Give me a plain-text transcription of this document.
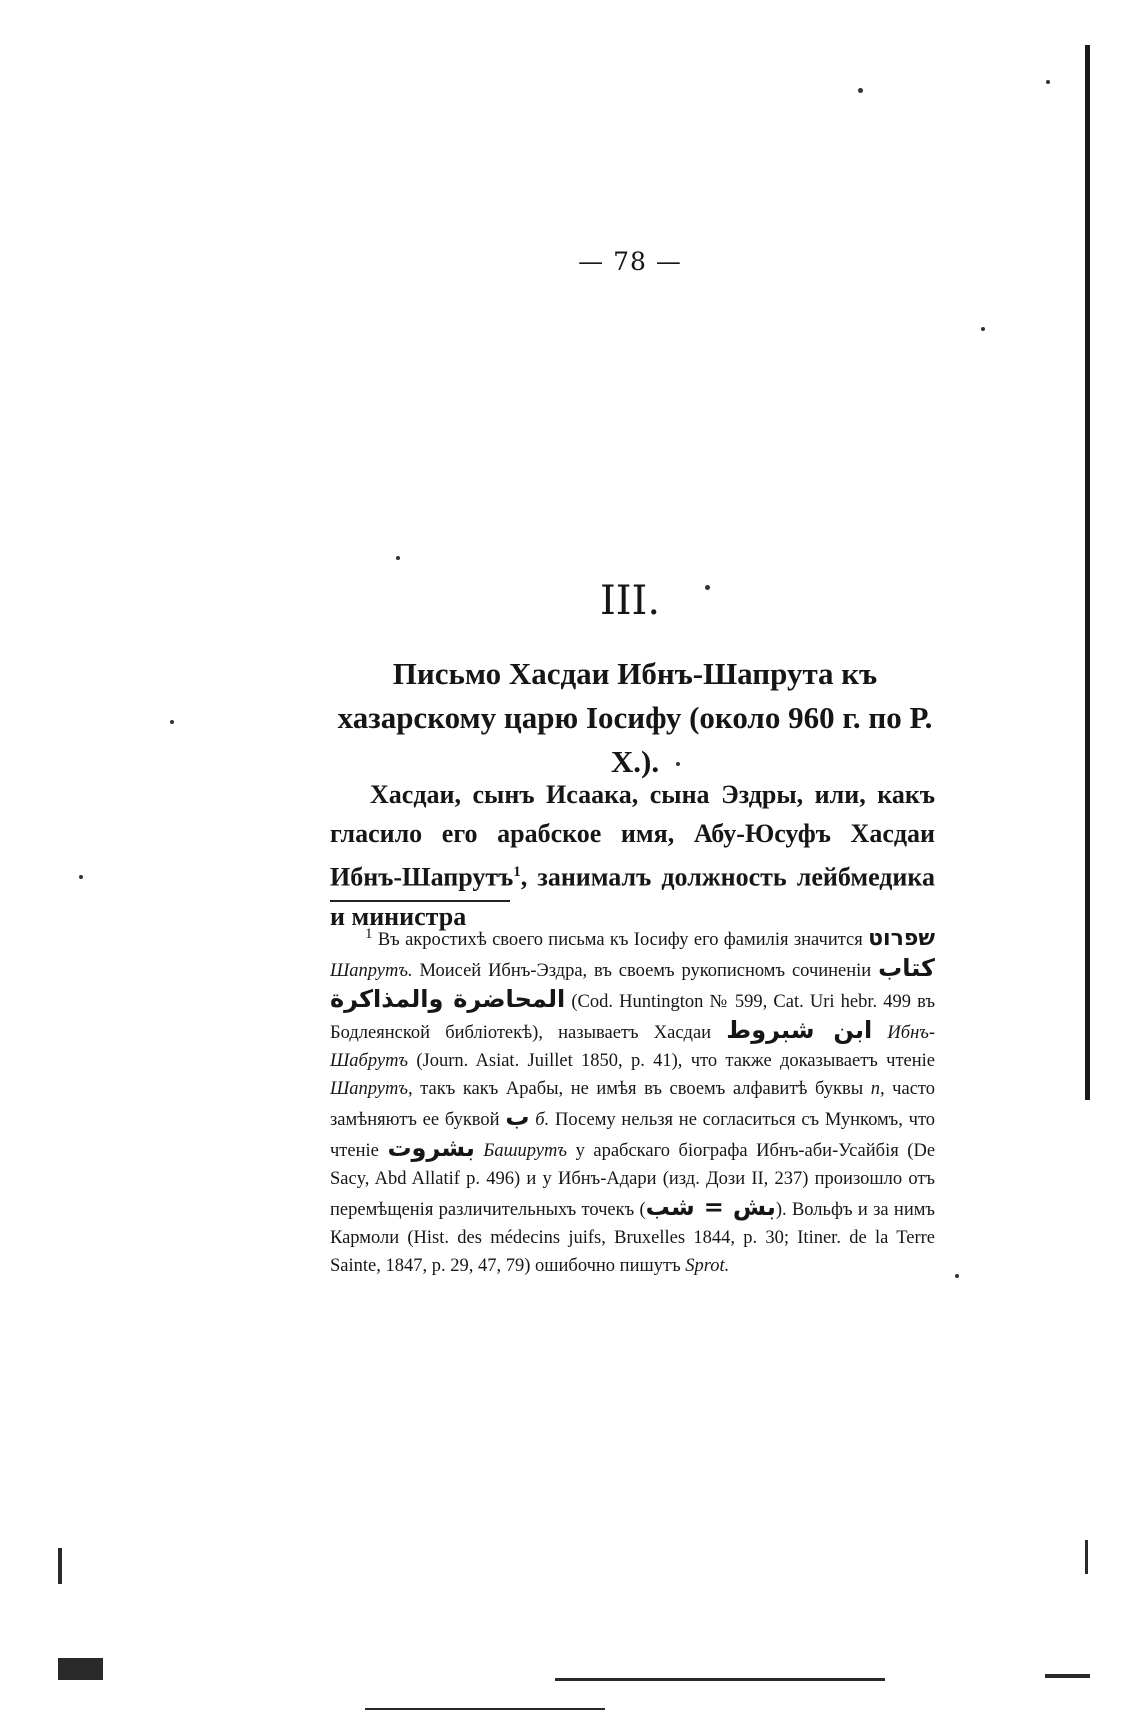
— 78 —
III.
Письмо Хасдаи Ибнъ-Шапрута къ хазарскому царю Іосифу (около 960 г. по Р. Х.).
Хасдаи, сынъ Исаака, сына Эздры, или, какъ гласило его арабское имя, Абу-Юсуфъ Хасдаи Ибнъ-Шапрутъ$^1$, занималъ должность лейбмедика и министра
$^1$ Въ акростихѣ своего письма къ Іосифу его фамилія значится שפרוט Шапрутъ. Моисей Ибнъ-Эздра, въ своемъ рукописномъ сочиненіи كتاب المحاضرة والمذاكرة (Cod. Huntington № 599, Cat. Uri hebr. 499 въ Бодлеянской библіотекѣ), называетъ Хасдаи ابن شبروط Ибнъ-Шабрутъ (Journ. Asiat. Juillet 1850, p. 41), что также доказываетъ чтеніе Шапрутъ, такъ какъ Арабы, не имѣя въ своемъ алфавитѣ буквы п, часто замѣняютъ ее буквой ب б. Посему нельзя не согласиться съ Мункомъ, что чтеніе بشروت Баширутъ у арабскаго біографа Ибнъ-аби-Усайбія (De Sacy, Abd Allatif p. 496) и у Ибнъ-Адари (изд. Дози II, 237) произошло отъ перемѣщенія различительныхъ точекъ (بش = شب). Вольфъ и за нимъ Кармоли (Hist. des médecins juifs, Bruxelles 1844, p. 30; Itiner. de la Terre Sainte, 1847, p. 29, 47, 79) ошибочно пишутъ Sprot.
